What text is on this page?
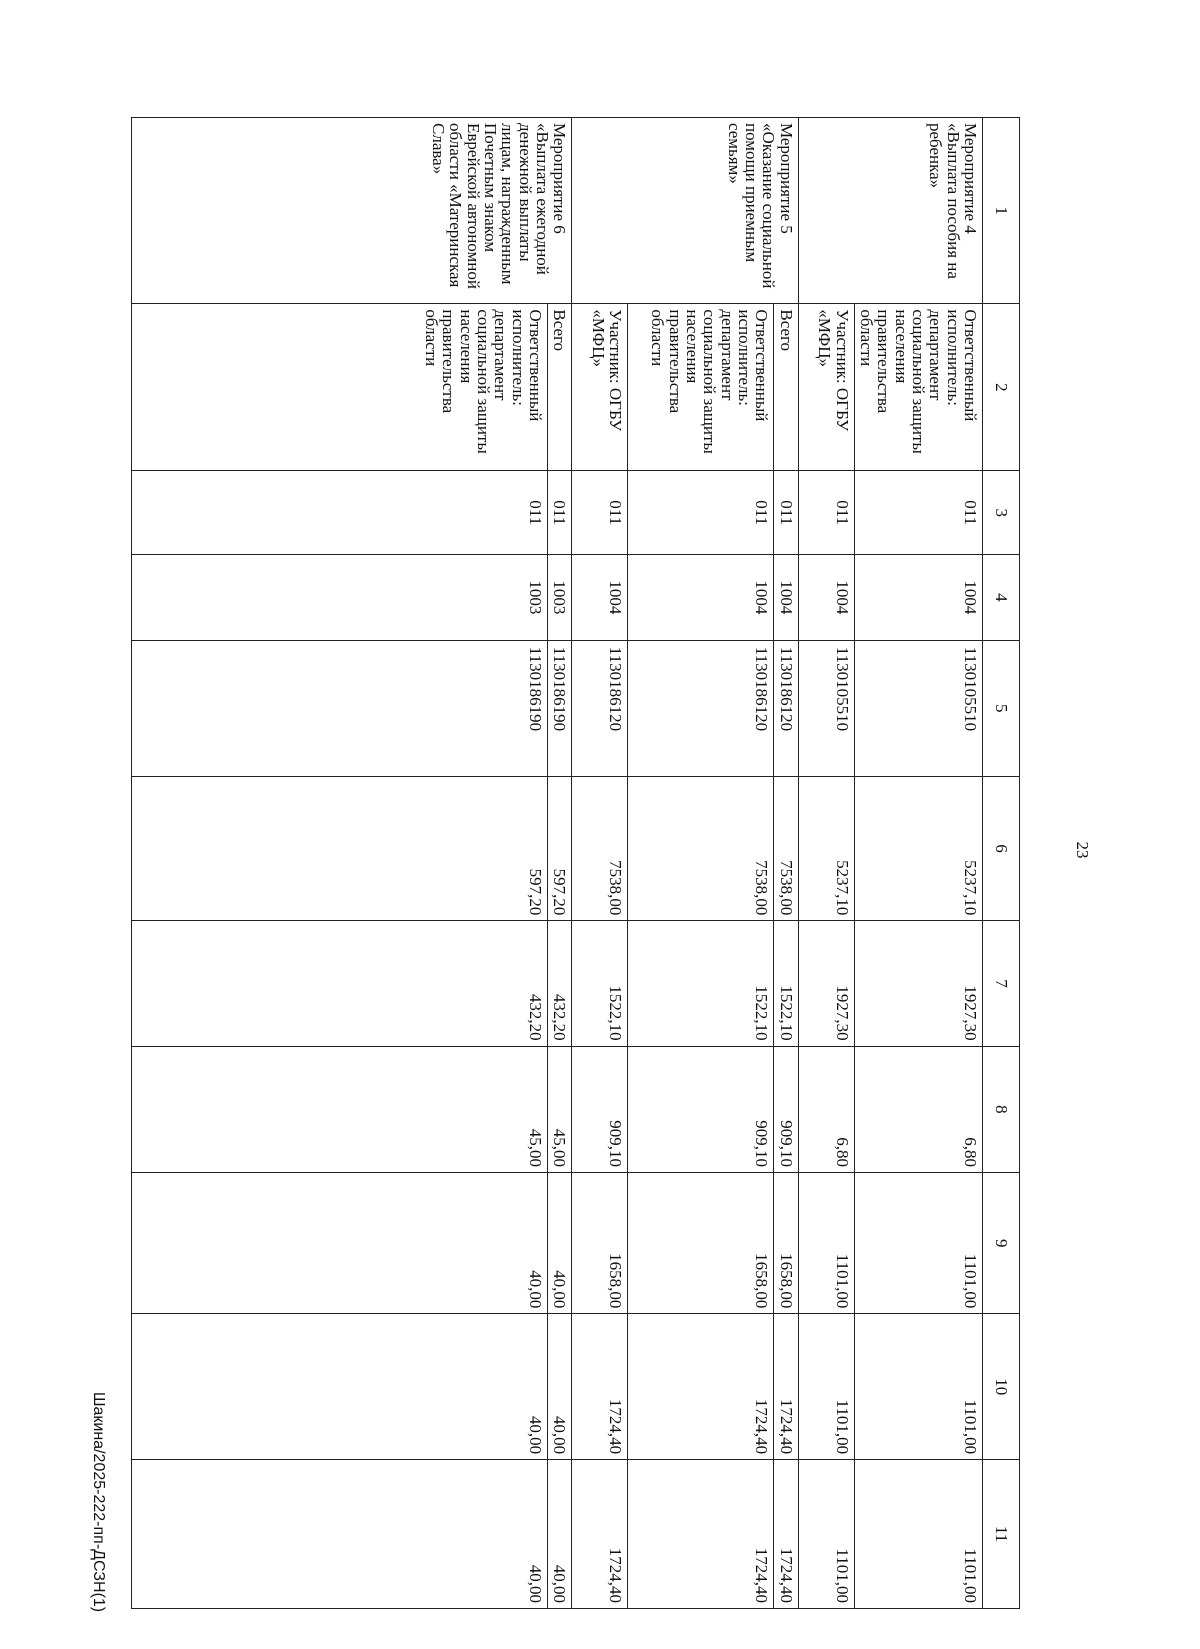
23
Шакина/2025-222-пп-ДСЗН(1)
1	2	3	4	5	6	7	8	9	10	11
Мероприятие 4 «Выплата пособия на ребенка»	Ответственный исполнитель: департамент социальной защиты населения правительства области	011	1004	1130105510	5237,10	1927,30	6,80	1101,00	1101,00	1101,00
	Участник: ОГБУ «МФЦ»	011	1004	1130105510	5237,10	1927,30	6,80	1101,00	1101,00	1101,00
Мероприятие 5 «Оказание социальной помощи приемным семьям»	Всего	011	1004	1130186120	7538,00	1522,10	909,10	1658,00	1724,40	1724,40
	Ответственный исполнитель: департамент социальной защиты населения правительства области	011	1004	1130186120	7538,00	1522,10	909,10	1658,00	1724,40	1724,40
	Участник: ОГБУ «МФЦ»	011	1004	1130186120	7538,00	1522,10	909,10	1658,00	1724,40	1724,40
Мероприятие 6 «Выплата ежегодной денежной выплаты лицам, награжденным Почетным знаком Еврейской автономной области «Материнская Слава»	Всего	011	1003	1130186190	597,20	432,20	45,00	40,00	40,00	40,00
	Ответственный исполнитель: департамент социальной защиты населения правительства области	011	1003	1130186190	597,20	432,20	45,00	40,00	40,00	40,00
